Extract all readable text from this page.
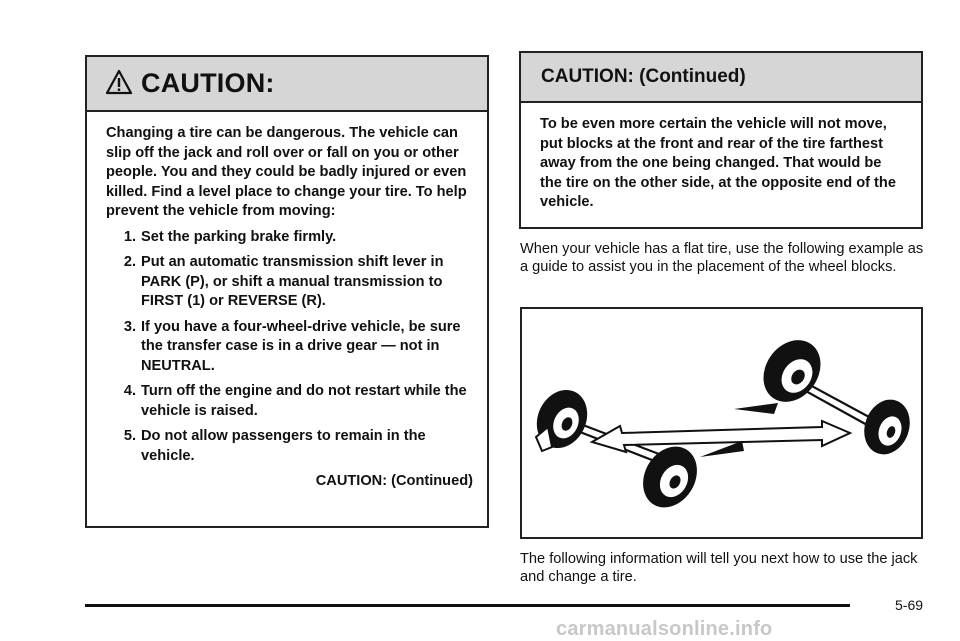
CAUTION:
Changing a tire can be dangerous. The vehicle can slip off the jack and roll over or fall on you or other people. You and they could be badly injured or even killed. Find a level place to change your tire. To help prevent the vehicle from moving:
1. Set the parking brake firmly.
2. Put an automatic transmission shift lever in PARK (P), or shift a manual transmission to FIRST (1) or REVERSE (R).
3. If you have a four-wheel-drive vehicle, be sure the transfer case is in a drive gear — not in NEUTRAL.
4. Turn off the engine and do not restart while the vehicle is raised.
5. Do not allow passengers to remain in the vehicle.
CAUTION: (Continued)
CAUTION: (Continued)
To be even more certain the vehicle will not move, put blocks at the front and rear of the tire farthest away from the one being changed. That would be the tire on the other side, at the opposite end of the vehicle.
When your vehicle has a flat tire, use the following example as a guide to assist you in the placement of the wheel blocks.
The following information will tell you next how to use the jack and change a tire.
5-69
carmanualsonline.info
